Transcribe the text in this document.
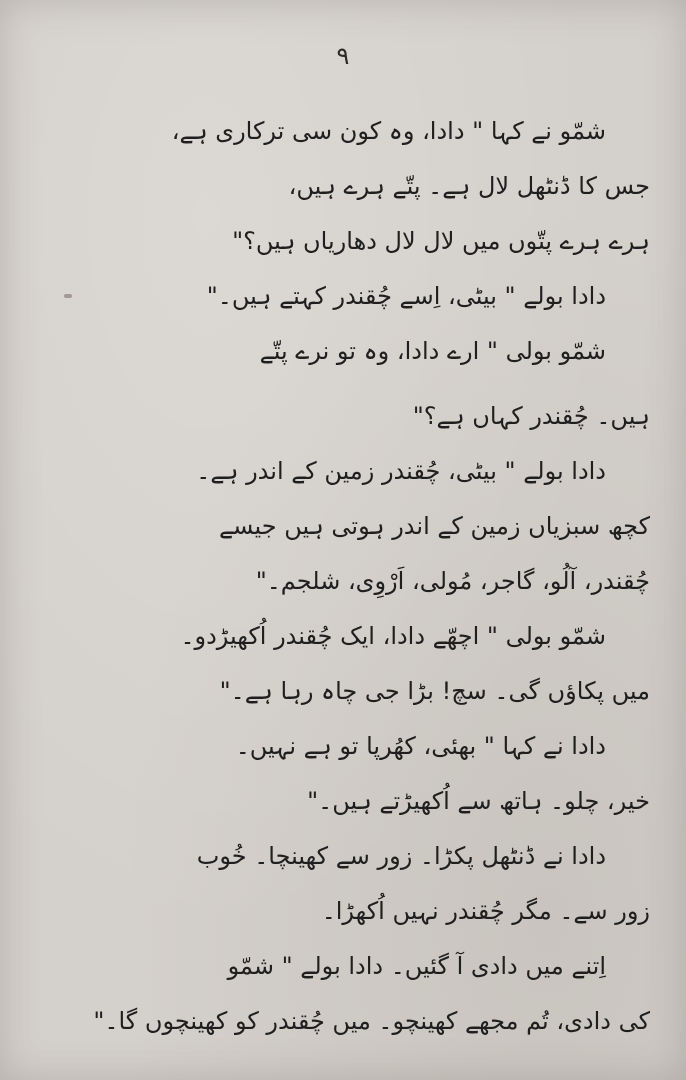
۹
شمّو نے کہا " دادا، وہ کون سی ترکاری ہے،
جس کا ڈنٹھل لال ہے۔ پتّے ہرے ہیں،
ہرے ہرے پتّوں میں لال لال دھاریاں ہیں؟"
دادا بولے " بیٹی، اِسے چُقندر کہتے ہیں۔"
شمّو بولی " ارے دادا، وہ تو نرے پتّے
ہیں۔ چُقندر کہاں ہے؟"
دادا بولے " بیٹی، چُقندر زمین کے اندر ہے۔
کچھ سبزیاں زمین کے اندر ہوتی ہیں جیسے
چُقندر، آلُو، گاجر، مُولی، اَرْوِی، شلجم۔"
شمّو بولی " اچھّے دادا، ایک چُقندر اُکھیڑدو۔
میں پکاؤں گی۔ سچ! بڑا جی چاہ رہا ہے۔"
دادا نے کہا " بھئی، کھُرپا تو ہے نہیں۔
خیر، چلو۔ ہاتھ سے اُکھیڑتے ہیں۔"
دادا نے ڈنٹھل پکڑا۔ زور سے کھینچا۔ خُوب
زور سے۔ مگر چُقندر نہیں اُکھڑا۔
اِتنے میں دادی آ گئیں۔ دادا بولے " شمّو
کی دادی، تُم مجھے کھینچو۔ میں چُقندر کو کھینچوں گا۔"
